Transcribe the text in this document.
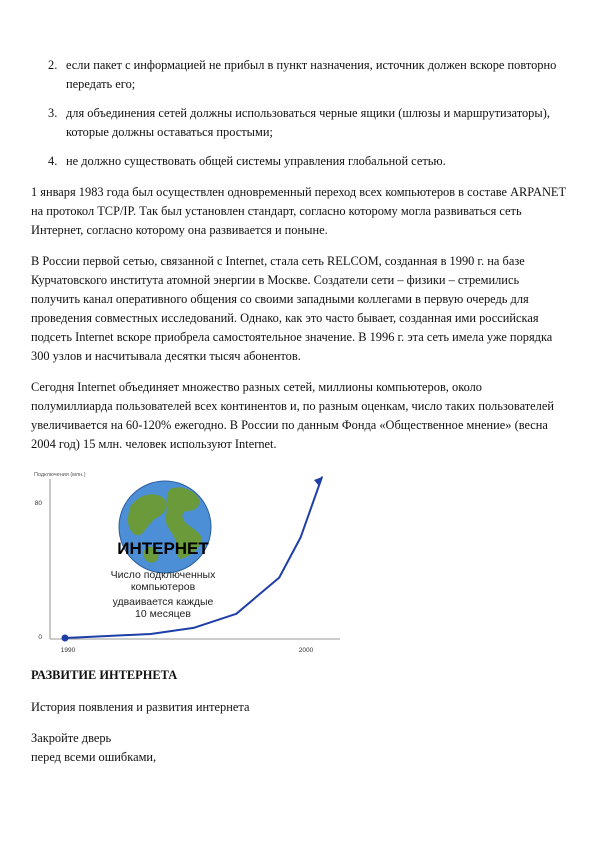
2. если пакет с информацией не прибыл в пункт назначения, источник должен вскоре повторно передать его;
3. для объединения сетей должны использоваться черные ящики (шлюзы и маршрутизаторы), которые должны оставаться простыми;
4. не должно существовать общей системы управления глобальной сетью.

1 января 1983 года был осуществлен одновременный переход всех компьютеров в составе ARPANET на протокол TCP/IP. Так был установлен стандарт, согласно которому могла развиваться сеть Интернет, согласно которому она развивается и поныне.

В России первой сетью, связанной с Internet, стала сеть RELCOM, созданная в 1990 г. на базе Курчатовского института атомной энергии в Москве. Создатели сети – физики – стремились получить канал оперативного общения со своими западными коллегами в первую очередь для проведения совместных исследований. Однако, как это часто бывает, созданная ими российская подсеть Internet вскоре приобрела самостоятельное значение. В 1996 г. эта сеть имела уже порядка 300 узлов и насчитывала десятки тысяч абонентов.

Сегодня Internet объединяет множество разных сетей, миллионы компьютеров, около полумиллиарда пользователей всех континентов и, по разным оценкам, число таких пользователей увеличивается на 60-120% ежегодно. В России по данным Фонда «Общественное мнение» (весна 2004 год) 15 млн. человек используют Internet.

Подключения (млн.)
80
0
1990	2000
ИНТЕРНЕТ
Число подключенных
компьютеров
удваивается каждые
10 месяцев

РАЗВИТИЕ ИНТЕРНЕТА

История появления и развития интернета

Закройте дверь

перед всеми ошибками,
